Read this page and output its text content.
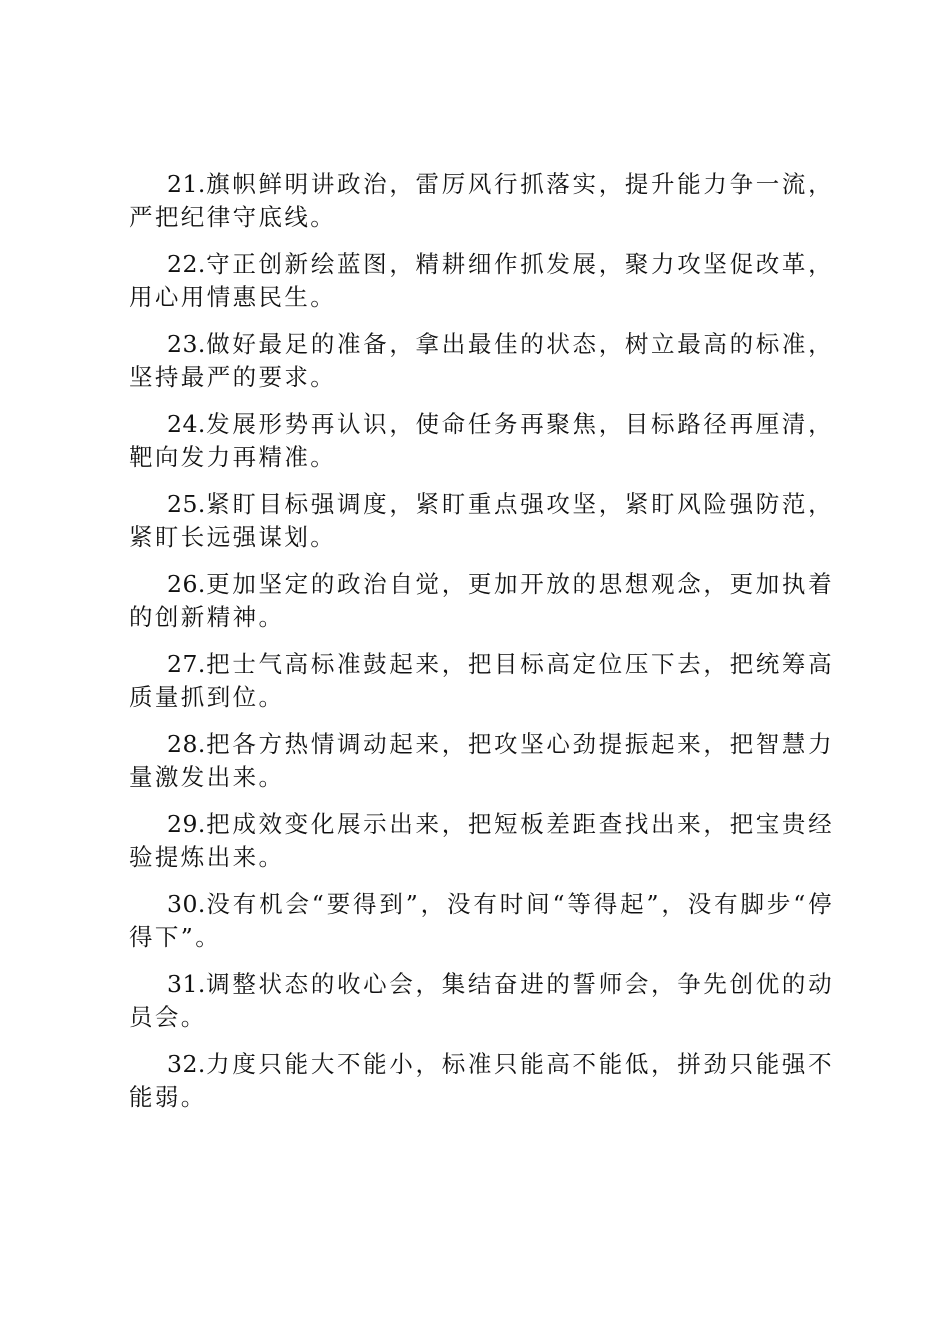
21.旗帜鲜明讲政治，雷厉风行抓落实，提升能力争一流，严把纪律守底线。

22.守正创新绘蓝图，精耕细作抓发展，聚力攻坚促改革，用心用情惠民生。

23.做好最足的准备，拿出最佳的状态，树立最高的标准，坚持最严的要求。

24.发展形势再认识，使命任务再聚焦，目标路径再厘清，靶向发力再精准。

25.紧盯目标强调度，紧盯重点强攻坚，紧盯风险强防范，紧盯长远强谋划。

26.更加坚定的政治自觉，更加开放的思想观念，更加执着的创新精神。

27.把士气高标准鼓起来，把目标高定位压下去，把统筹高质量抓到位。

28.把各方热情调动起来，把攻坚心劲提振起来，把智慧力量激发出来。

29.把成效变化展示出来，把短板差距查找出来，把宝贵经验提炼出来。

30.没有机会“要得到”，没有时间“等得起”，没有脚步“停得下”。

31.调整状态的收心会，集结奋进的誓师会，争先创优的动员会。

32.力度只能大不能小，标准只能高不能低，拼劲只能强不能弱。
